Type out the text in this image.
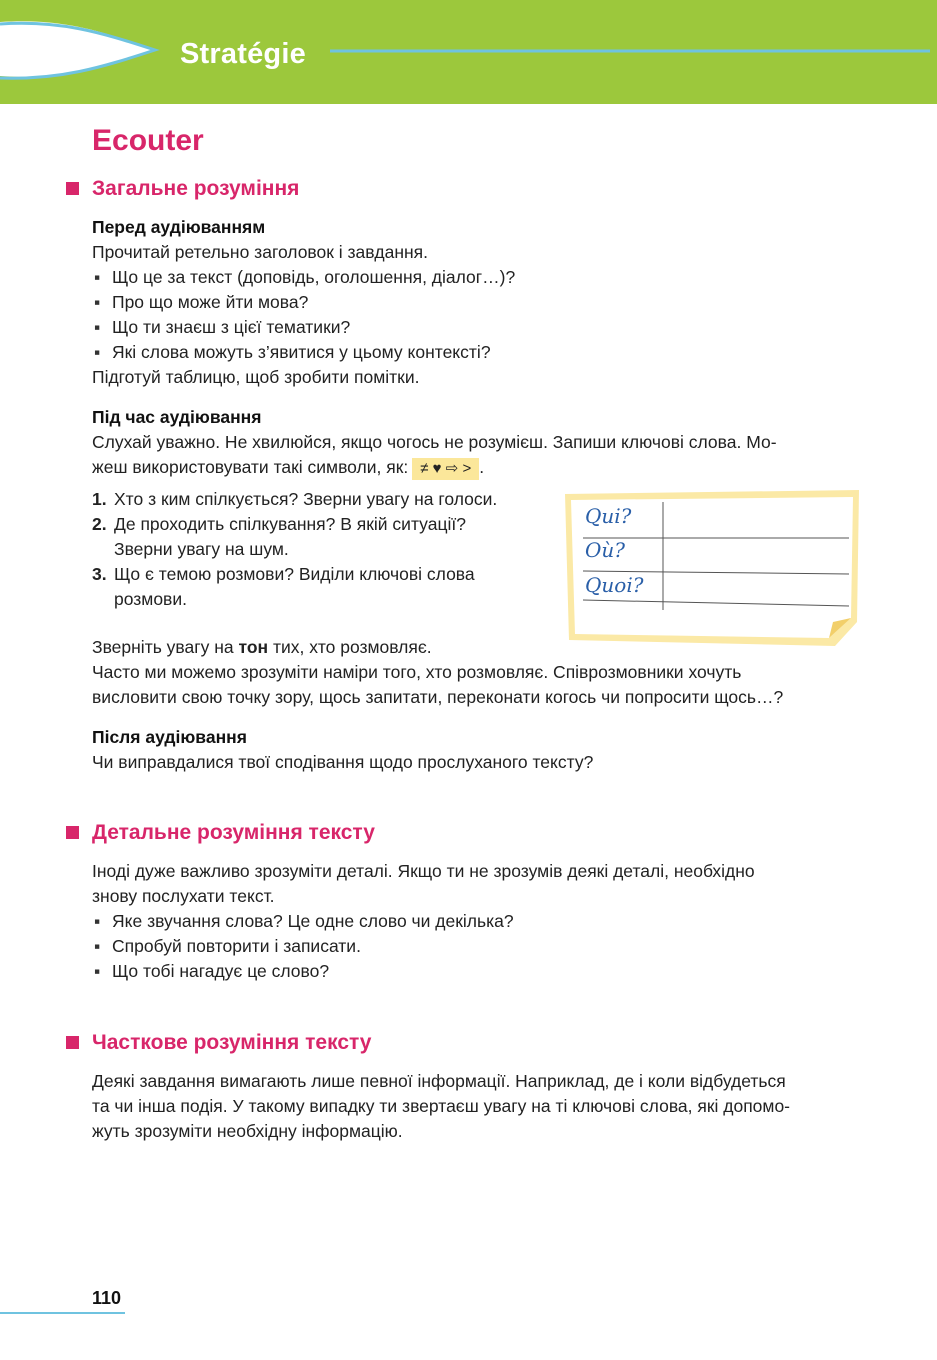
Stratégie
Ecouter
Загальне розуміння
Перед аудіюванням
Прочитай ретельно заголовок і завдання.
▪ Що це за текст (доповідь, оголошення, діалог…)?
▪ Про що може йти мова?
▪ Що ти знаєш з цієї тематики?
▪ Які слова можуть з’явитися у цьому контексті?
Підготуй таблицю, щоб зробити помітки.
Під час аудіювання
Слухай уважно. Не хвилюйся, якщо чогось не розумієш. Запиши ключові слова. Мо-
жеш використовувати такі символи, як: ≠ ♥ ⇨ > .
1. Хто з ким спілкується? Зверни увагу на голоси.
2. Де проходить спілкування? В якій ситуації?
Зверни увагу на шум.
3. Що є темою розмови? Виділи ключові слова
розмови.
Qui?
Où?
Quoi?
Зверніть увагу на тон тих, хто розмовляє.
Часто ми можемо зрозуміти наміри того, хто розмовляє. Співрозмовники хочуть
висловити свою точку зору, щось запитати, переконати когось чи попросити щось…?
Після аудіювання
Чи виправдалися твої сподівання щодо прослуханого тексту?
Детальне розуміння тексту
Іноді дуже важливо зрозуміти деталі. Якщо ти не зрозумів деякі деталі, необхідно
знову послухати текст.
▪ Яке звучання слова? Це одне слово чи декілька?
▪ Спробуй повторити і записати.
▪ Що тобі нагадує це слово?
Часткове розуміння тексту
Деякі завдання вимагають лише певної інформації. Наприклад, де і коли відбудеться
та чи інша подія. У такому випадку ти звертаєш увагу на ті ключові слова, які допомо-
жуть зрозуміти необхідну інформацію.
110
